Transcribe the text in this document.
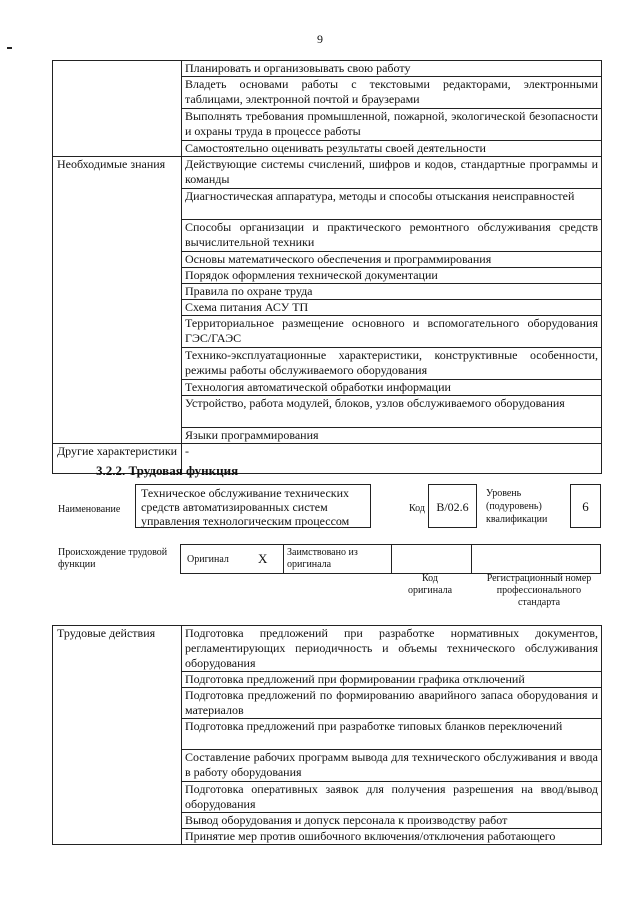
9
	Планировать и организовывать свою работу
	Владеть основами работы с текстовыми редакторами, электронными таблицами, электронной почтой и браузерами
	Выполнять требования промышленной, пожарной, экологической безопасности и охраны труда в процессе работы
	Самостоятельно оценивать результаты своей деятельности
Необходимые знания	Действующие системы счислений, шифров и кодов, стандартные программы и команды
	Диагностическая аппаратура, методы и способы отыскания неисправностей
	Способы организации и практического ремонтного обслуживания средств вычислительной техники
	Основы математического обеспечения и программирования
	Порядок оформления технической документации
	Правила по охране труда
	Схема питания АСУ ТП
	Территориальное размещение основного и вспомогательного оборудования ГЭС/ГАЭС
	Технико-эксплуатационные характеристики, конструктивные особенности, режимы работы обслуживаемого оборудования
	Технология автоматической обработки информации
	Устройство, работа модулей, блоков, узлов обслуживаемого оборудования
	Языки программирования
Другие характеристики	-
3.2.2. Трудовая функция
Наименование
Техническое обслуживание технических средств автоматизированных систем управления технологическим процессом
Код B/02.6
Уровень (подуровень) квалификации
6
Происхождение трудовой функции	Оригинал X Заимствовано из оригинала
Код оригинала
Регистрационный номер профессионального стандарта
Трудовые действия	Подготовка предложений при разработке нормативных документов, регламентирующих периодичность и объемы технического обслуживания оборудования
Подготовка предложений при формировании графика отключений
Подготовка предложений по формированию аварийного запаса оборудования и материалов
Подготовка предложений при разработке типовых бланков переключений
Составление рабочих программ вывода для технического обслуживания и ввода в работу оборудования
Подготовка оперативных заявок для получения разрешения на ввод/вывод оборудования
Вывод оборудования и допуск персонала к производству работ
Принятие мер против ошибочного включения/отключения работающего
